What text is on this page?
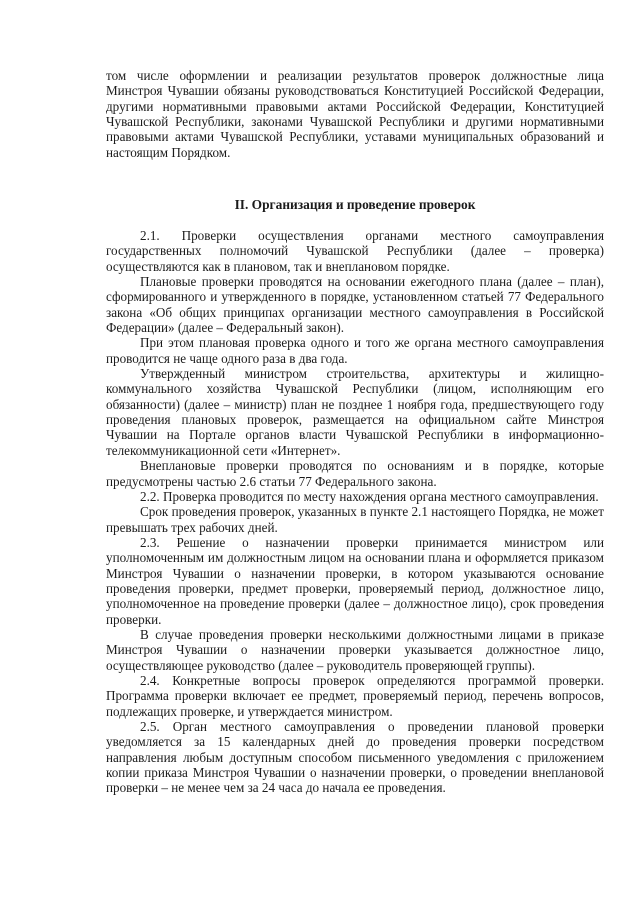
том числе оформлении и реализации результатов проверок должностные лица Минстроя Чувашии обязаны руководствоваться Конституцией Российской Федерации, другими нормативными правовыми актами Российской Федерации, Конституцией Чувашской Республики, законами Чувашской Республики и другими нормативными правовыми актами Чувашской Республики, уставами муниципальных образований и настоящим Порядком.

II. Организация и проведение проверок

2.1. Проверки осуществления органами местного самоуправления государственных полномочий Чувашской Республики (далее – проверка) осуществляются как в плановом, так и внеплановом порядке.

Плановые проверки проводятся на основании ежегодного плана (далее – план), сформированного и утвержденного в порядке, установленном статьей 77 Федерального закона «Об общих принципах организации местного самоуправления в Российской Федерации» (далее – Федеральный закон).

При этом плановая проверка одного и того же органа местного самоуправления проводится не чаще одного раза в два года.

Утвержденный министром строительства, архитектуры и жилищно-коммунального хозяйства Чувашской Республики (лицом, исполняющим его обязанности) (далее – министр) план не позднее 1 ноября года, предшествующего году проведения плановых проверок, размещается на официальном сайте Минстроя Чувашии на Портале органов власти Чувашской Республики в информационно-телекоммуникационной сети «Интернет».

Внеплановые проверки проводятся по основаниям и в порядке, которые предусмотрены частью 2.6 статьи 77 Федерального закона.

2.2. Проверка проводится по месту нахождения органа местного самоуправления.

Срок проведения проверок, указанных в пункте 2.1 настоящего Порядка, не может превышать трех рабочих дней.

2.3. Решение о назначении проверки принимается министром или уполномоченным им должностным лицом на основании плана и оформляется приказом Минстроя Чувашии о назначении проверки, в котором указываются основание проведения проверки, предмет проверки, проверяемый период, должностное лицо, уполномоченное на проведение проверки (далее – должностное лицо), срок проведения проверки.

В случае проведения проверки несколькими должностными лицами в приказе Минстроя Чувашии о назначении проверки указывается должностное лицо, осуществляющее руководство (далее – руководитель проверяющей группы).

2.4. Конкретные вопросы проверок определяются программой проверки. Программа проверки включает ее предмет, проверяемый период, перечень вопросов, подлежащих проверке, и утверждается министром.

2.5. Орган местного самоуправления о проведении плановой проверки уведомляется за 15 календарных дней до проведения проверки посредством направления любым доступным способом письменного уведомления с приложением копии приказа Минстроя Чувашии о назначении проверки, о проведении внеплановой проверки – не менее чем за 24 часа до начала ее проведения.
